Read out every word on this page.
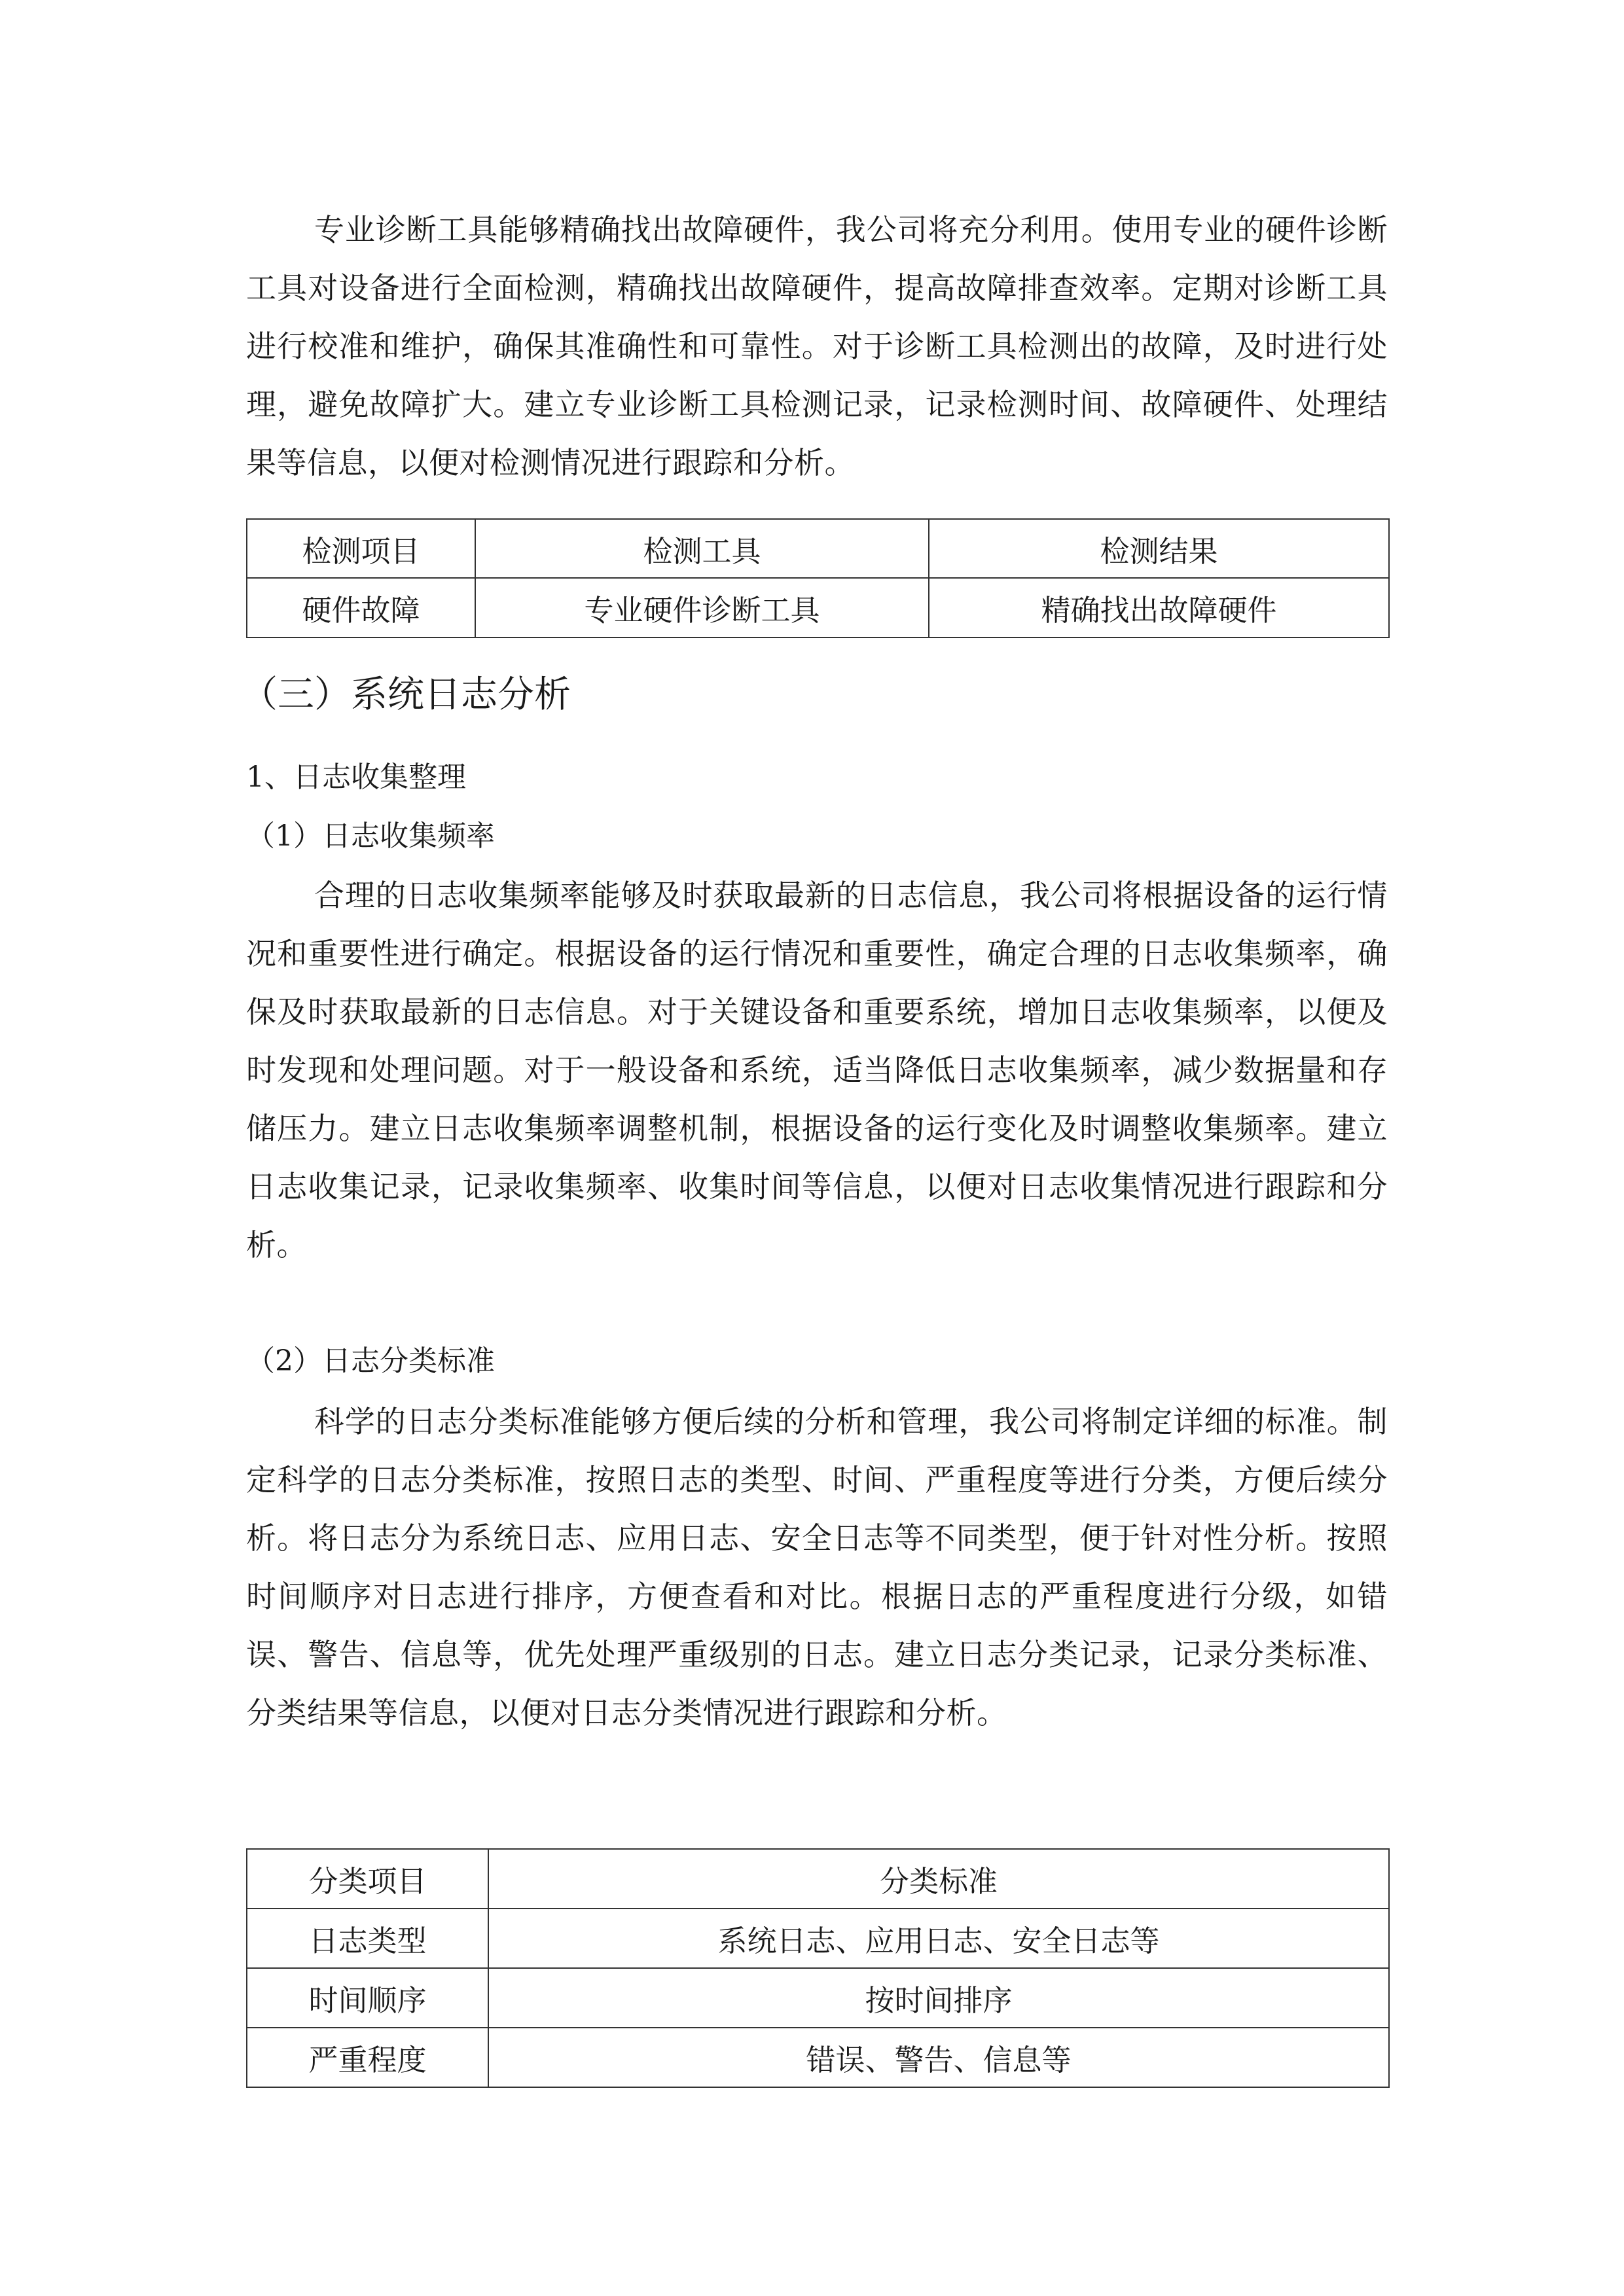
专业诊断工具能够精确找出故障硬件，我公司将充分利用。使用专业的硬件诊断工具对设备进行全面检测，精确找出故障硬件，提高故障排查效率。定期对诊断工具进行校准和维护，确保其准确性和可靠性。对于诊断工具检测出的故障，及时进行处理，避免故障扩大。建立专业诊断工具检测记录，记录检测时间、故障硬件、处理结果等信息，以便对检测情况进行跟踪和分析。

检测项目	检测工具	检测结果
硬件故障	专业硬件诊断工具	精确找出故障硬件
（三）系统日志分析
1、日志收集整理
（1）日志收集频率

合理的日志收集频率能够及时获取最新的日志信息，我公司将根据设备的运行情况和重要性进行确定。根据设备的运行情况和重要性，确定合理的日志收集频率，确保及时获取最新的日志信息。对于关键设备和重要系统，增加日志收集频率，以便及时发现和处理问题。对于一般设备和系统，适当降低日志收集频率，减少数据量和存储压力。建立日志收集频率调整机制，根据设备的运行变化及时调整收集频率。建立日志收集记录，记录收集频率、收集时间等信息，以便对日志收集情况进行跟踪和分析。

（2）日志分类标准

科学的日志分类标准能够方便后续的分析和管理，我公司将制定详细的标准。制定科学的日志分类标准，按照日志的类型、时间、严重程度等进行分类，方便后续分析。将日志分为系统日志、应用日志、安全日志等不同类型，便于针对性分析。按照时间顺序对日志进行排序，方便查看和对比。根据日志的严重程度进行分级，如错误、警告、信息等，优先处理严重级别的日志。建立日志分类记录，记录分类标准、分类结果等信息，以便对日志分类情况进行跟踪和分析。

分类项目	分类标准
日志类型	系统日志、应用日志、安全日志等
时间顺序	按时间排序
严重程度	错误、警告、信息等
